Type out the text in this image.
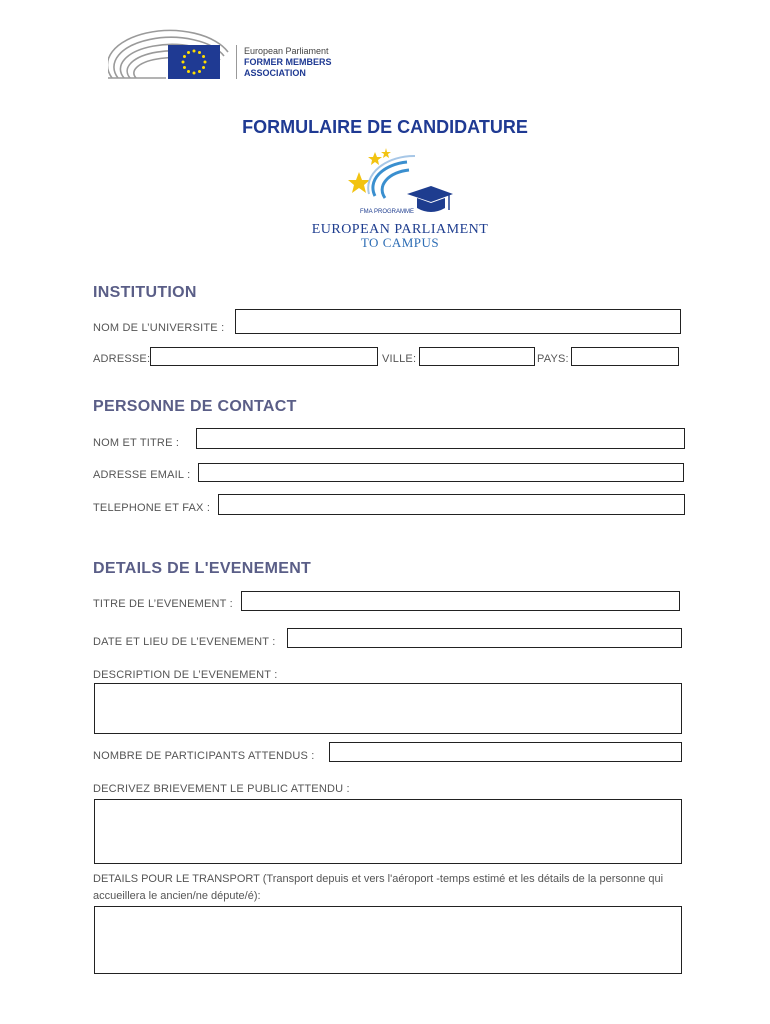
European Parliament
FORMER MEMBERS
ASSOCIATION
FORMULAIRE DE CANDIDATURE
FMA PROGRAMME
EUROPEAN PARLIAMENT
TO CAMPUS
INSTITUTION
NOM DE L’UNIVERSITE :
ADRESSE:	VILLE:	PAYS:
PERSONNE DE CONTACT
NOM ET TITRE :
ADRESSE EMAIL :
TELEPHONE ET FAX :
DETAILS DE L'EVENEMENT
TITRE DE L’EVENEMENT :
DATE ET LIEU DE L’EVENEMENT :
DESCRIPTION DE L’EVENEMENT :
NOMBRE DE PARTICIPANTS ATTENDUS :
DECRIVEZ BRIEVEMENT LE PUBLIC ATTENDU :
DETAILS POUR LE TRANSPORT (Transport depuis et vers l'aéroport -temps estimé et les détails de la personne qui accueillera le ancien/ne députe/é):
